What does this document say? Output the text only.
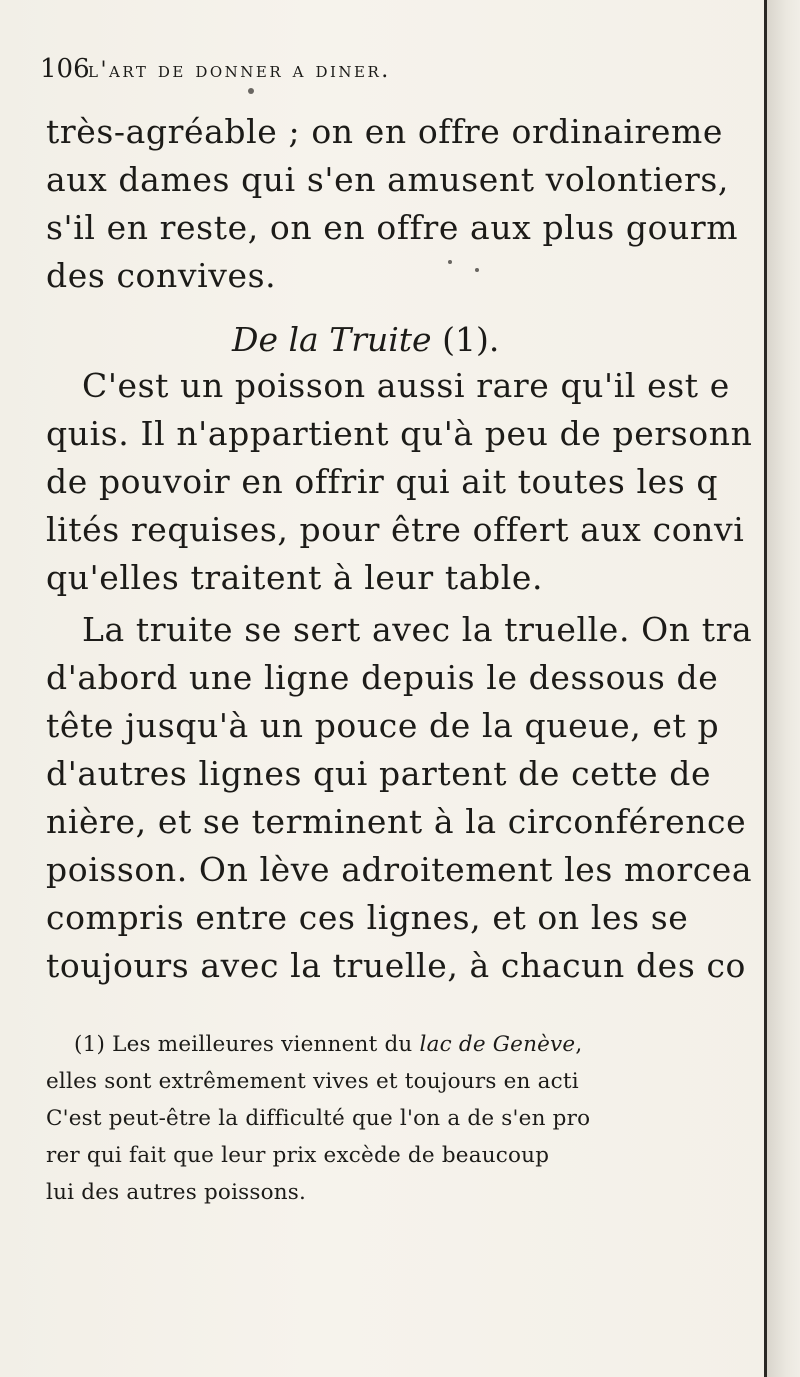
106
l'art de donner a diner.
très-agréable ; on en offre ordinaireme
aux dames qui s'en amusent volontiers,
s'il en reste, on en offre aux plus gourm
des convives.
De la Truite (1).
C'est un poisson aussi rare qu'il est e
quis. Il n'appartient qu'à peu de personn
de pouvoir en offrir qui ait toutes les q
lités requises, pour être offert aux convi
qu'elles traitent à leur table.
La truite se sert avec la truelle. On tra
d'abord une ligne depuis le dessous de
tête jusqu'à un pouce de la queue, et p
d'autres lignes qui partent de cette de
nière, et se terminent à la circonférence
poisson. On lève adroitement les morcea
compris entre ces lignes, et on les se
toujours avec la truelle, à chacun des co
(1) Les meilleures viennent du lac de Genève,
elles sont extrêmement vives et toujours en acti
C'est peut-être la difficulté que l'on a de s'en pro
rer qui fait que leur prix excède de beaucoup
lui des autres poissons.
